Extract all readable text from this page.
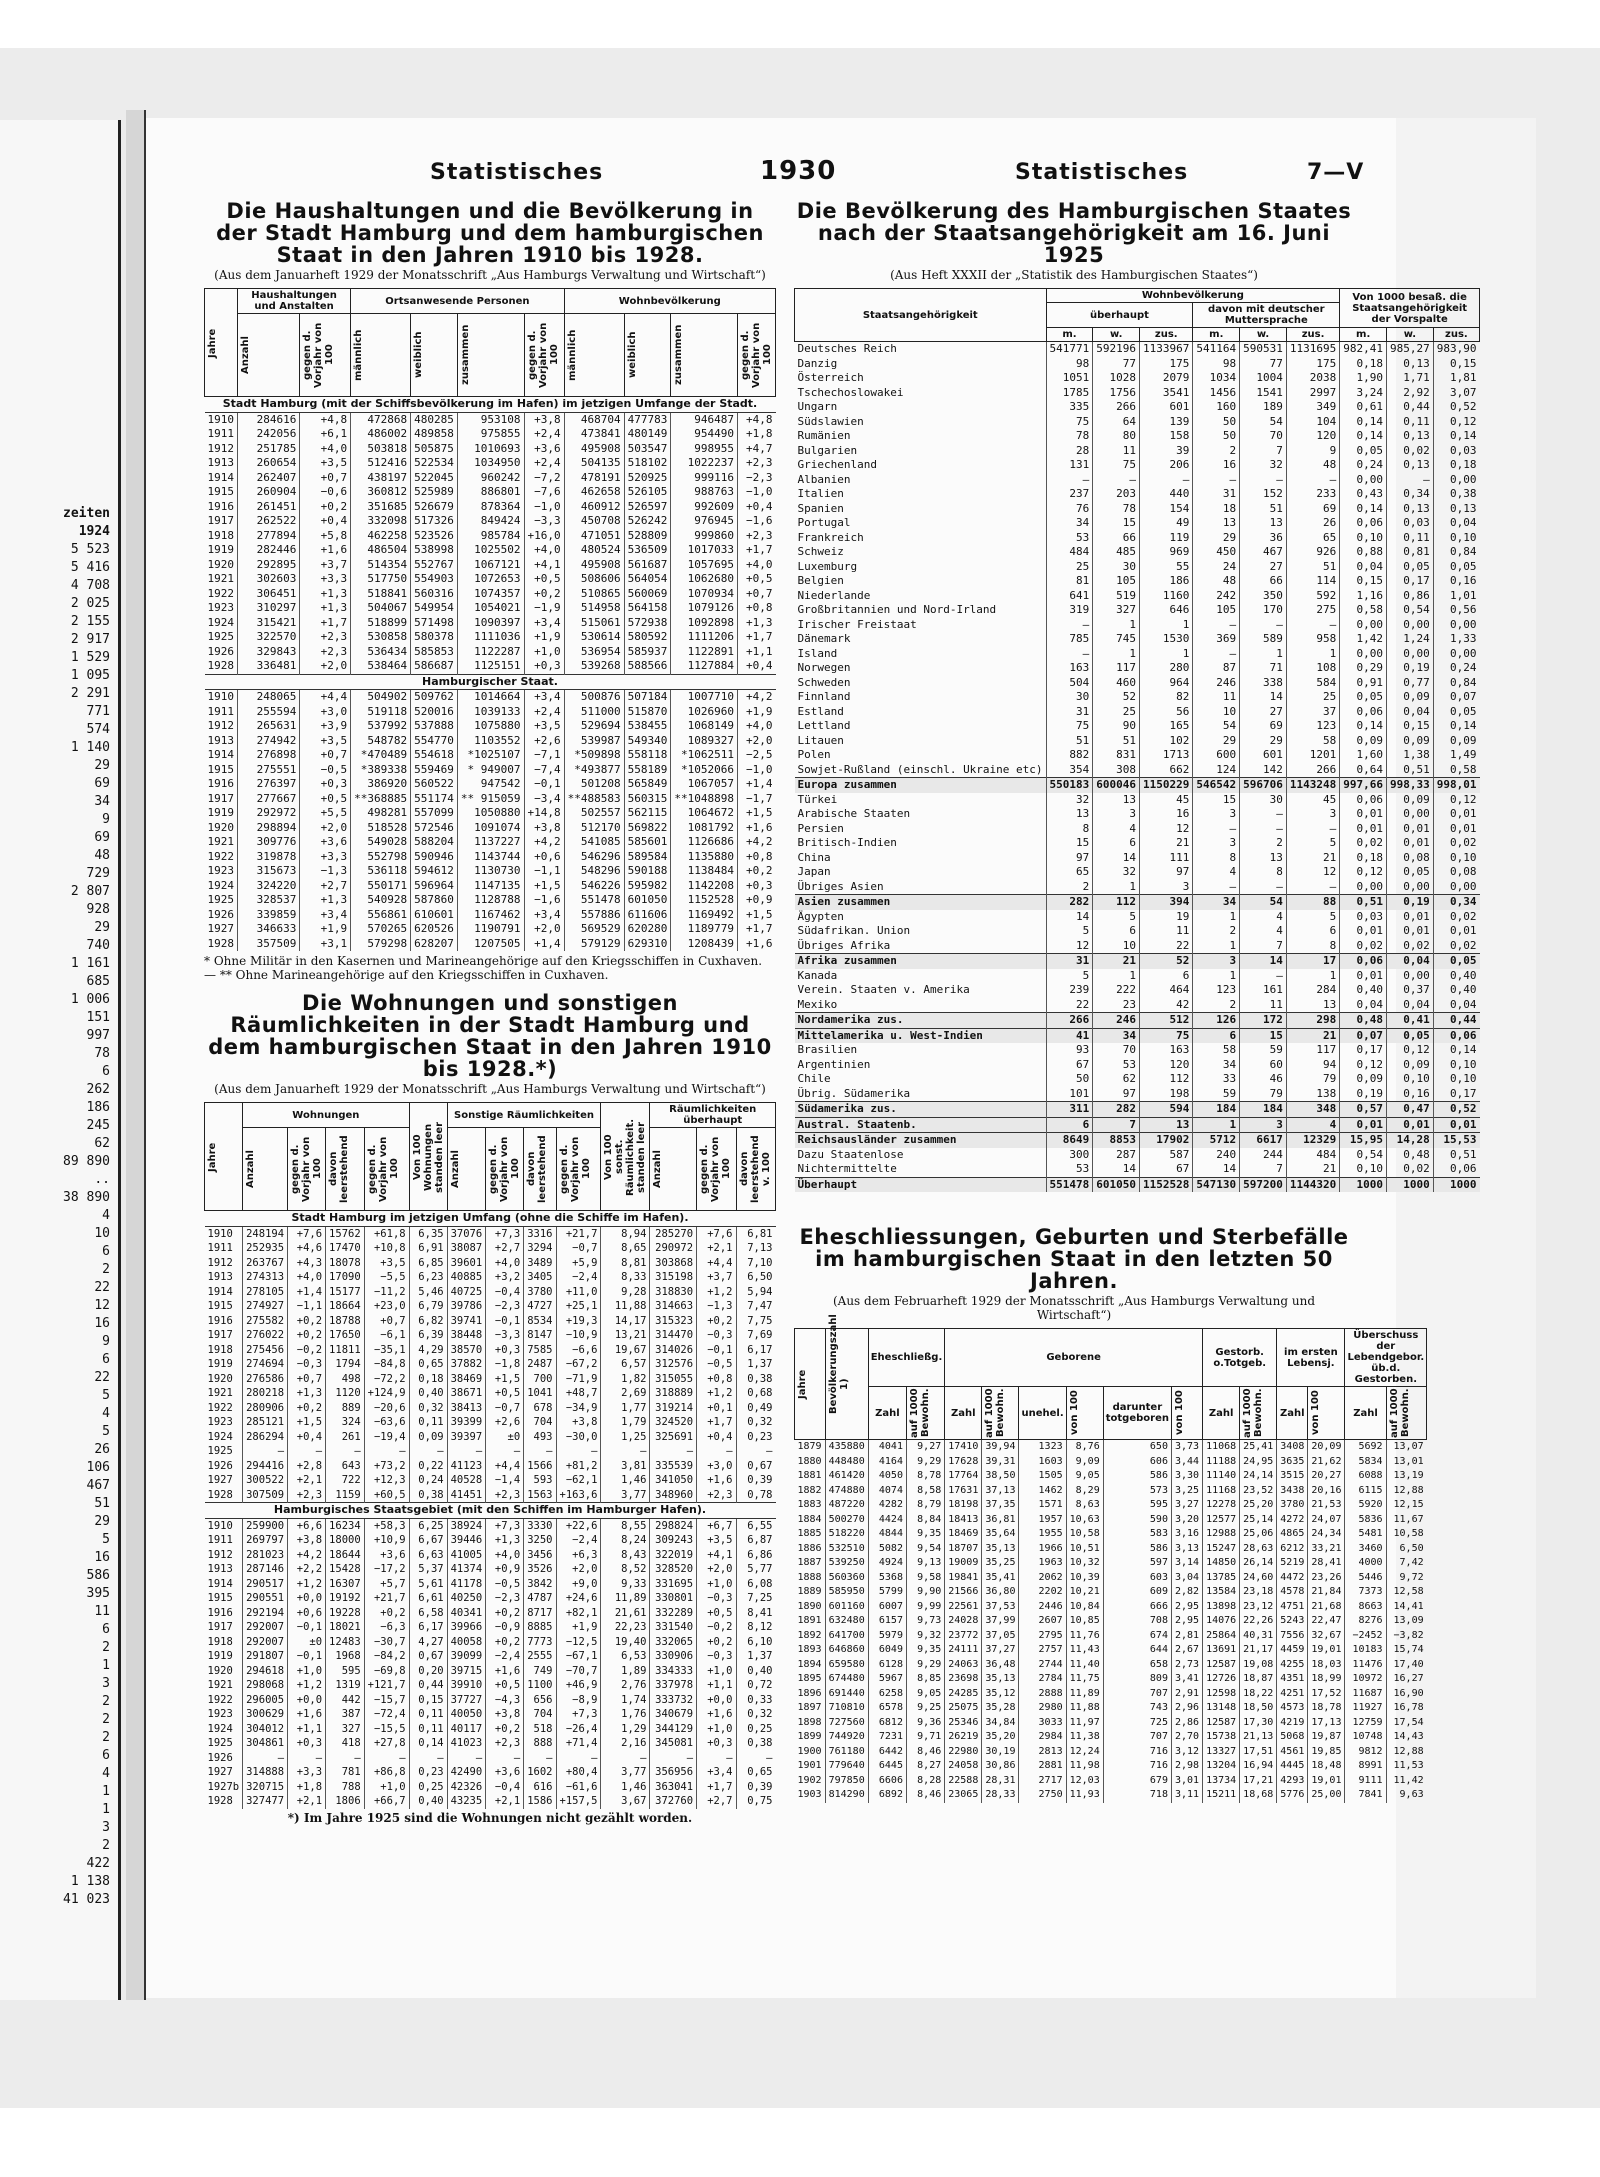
zeiten
1924
5 523
5 416
4 708
2 025
2 155
2 917
1 529
1 095
2 291
771
574
1 140
29
69
34
9
69
48
729
2 807
928
29
740
1 161
685
1 006
151
997
78
6
262
186
245
62
89 890
..
38 890
4
10
6
2
22
12
16
9
6
22
5
4
5
26
106
467
51
29
5
16
586
395
11
6
2
1
3
2
2
2
6
4
1
1
3
2
422
1 138
41 023
Statistisches	1930	Statistisches	7—V
Die Haushaltungen und die Bevölkerung in der Stadt Hamburg und dem hamburgischen Staat in den Jahren 1910 bis 1928.
(Aus dem Januarheft 1929 der Monatsschrift „Aus Hamburgs Verwaltung und Wirtschaft“)
Jahre	Haushaltungen und Anstalten		Ortsanwesende Personen				Wohnbevölkerung			

	Anzahl	gegen d. Vorjahr von 100	männlich	weiblich	zusammen	gegen d. Vorjahr von 100	männlich	weiblich	zusammen	gegen d. Vorjahr von 100

Stadt Hamburg (mit der Schiffsbevölkerung im Hafen) im jetzigen Umfange der Stadt.										
1910	284616	+4,8	472868	480285	953108	+3,8	468704	477783	946487	+4,8
1911	242056	+6,1	486002	489858	975855	+2,4	473841	480149	954490	+1,8
1912	251785	+4,0	503818	505875	1010693	+3,6	495908	503547	998955	+4,7
1913	260654	+3,5	512416	522534	1034950	+2,4	504135	518102	1022237	+2,3
1914	262407	+0,7	438197	522045	960242	−7,2	478191	520925	999116	−2,3
1915	260904	−0,6	360812	525989	886801	−7,6	462658	526105	988763	−1,0
1916	261451	+0,2	351685	526679	878364	−1,0	460912	526597	992609	+0,4
1917	262522	+0,4	332098	517326	849424	−3,3	450708	526242	976945	−1,6
1918	277894	+5,8	462258	523526	985784	+16,0	471051	528809	999860	+2,3
1919	282446	+1,6	486504	538998	1025502	+4,0	480524	536509	1017033	+1,7
1920	292895	+3,7	514354	552767	1067121	+4,1	495908	561687	1057695	+4,0
1921	302603	+3,3	517750	554903	1072653	+0,5	508606	564054	1062680	+0,5
1922	306451	+1,3	518841	560316	1074357	+0,2	510865	560069	1070934	+0,7
1923	310297	+1,3	504067	549954	1054021	−1,9	514958	564158	1079126	+0,8
1924	315421	+1,7	518899	571498	1090397	+3,4	515061	572938	1092898	+1,3
1925	322570	+2,3	530858	580378	1111036	+1,9	530614	580592	1111206	+1,7
1926	329843	+2,3	536434	585853	1122287	+1,0	536954	585937	1122891	+1,1
1928	336481	+2,0	538464	586687	1125151	+0,3	539268	588566	1127884	+0,4
Hamburgischer Staat.										
1910	248065	+4,4	504902	509762	1014664	+3,4	500876	507184	1007710	+4,2
1911	255594	+3,0	519118	520016	1039133	+2,4	511000	515870	1026960	+1,9
1912	265631	+3,9	537992	537888	1075880	+3,5	529694	538455	1068149	+4,0
1913	274942	+3,5	548782	554770	1103552	+2,6	539987	549340	1089327	+2,0
1914	276898	+0,7	*470489	554618	*1025107	−7,1	*509898	558118	*1062511	−2,5
1915	275551	−0,5	*389338	559469	* 949007	−7,4	*493877	558189	*1052066	−1,0
1916	276397	+0,3	386920	560522	947542	−0,1	501208	565849	1067057	+1,4
1917	277667	+0,5	**368885	551174	** 915059	−3,4	**488583	560315	**1048898	−1,7
1919	292972	+5,5	498281	557099	1050880	+14,8	502557	562115	1064672	+1,5
1920	298894	+2,0	518528	572546	1091074	+3,8	512170	569822	1081792	+1,6
1921	309776	+3,6	549028	588204	1137227	+4,2	541085	585601	1126686	+4,2
1922	319878	+3,3	552798	590946	1143744	+0,6	546296	589584	1135880	+0,8
1923	315673	−1,3	536118	594612	1130730	−1,1	548296	590188	1138484	+0,2
1924	324220	+2,7	550171	596964	1147135	+1,5	546226	595982	1142208	+0,3
1925	328537	+1,3	540928	587860	1128788	−1,6	551478	601050	1152528	+0,9
1926	339859	+3,4	556861	610601	1167462	+3,4	557886	611606	1169492	+1,5
1927	346633	+1,9	570265	620526	1190791	+2,0	569529	620280	1189779	+1,7
1928	357509	+3,1	579298	628207	1207505	+1,4	579129	629310	1208439	+1,6
* Ohne Militär in den Kasernen und Marineangehörige auf den Kriegsschiffen in Cuxhaven. — ** Ohne Marineangehörige auf den Kriegsschiffen in Cuxhaven.
Die Wohnungen und sonstigen Räumlichkeiten in der Stadt Hamburg und dem hamburgischen Staat in den Jahren 1910 bis 1928.*)
(Aus dem Januarheft 1929 der Monatsschrift „Aus Hamburgs Verwaltung und Wirtschaft“)
Jahre	Wohnungen				Von 100 Wohnungen standen leer	Sonstige Räumlichkeiten				Von 100 sonst. Räumlichkeit. standen leer	Räumlichkeiten überhaupt		

	Anzahl	gegen d. Vorjahr von 100	davon leerstehend	gegen d. Vorjahr von 100		Anzahl	gegen d. Vorjahr von 100	davon leerstehend	gegen d. Vorjahr von 100		Anzahl	gegen d. Vorjahr von 100	davon leerstehend v. 100

Stadt Hamburg im jetzigen Umfang (ohne die Schiffe im Hafen).													
1910	248194	+7,6	15762	+61,8	6,35	37076	+7,3	3316	+21,7	8,94	285270	+7,6	6,81
1911	252935	+4,6	17470	+10,8	6,91	38087	+2,7	3294	−0,7	8,65	290972	+2,1	7,13
1912	263767	+4,3	18078	+3,5	6,85	39601	+4,0	3489	+5,9	8,81	303868	+4,4	7,10
1913	274313	+4,0	17090	−5,5	6,23	40885	+3,2	3405	−2,4	8,33	315198	+3,7	6,50
1914	278105	+1,4	15177	−11,2	5,46	40725	−0,4	3780	+11,0	9,28	318830	+1,2	5,94
1915	274927	−1,1	18664	+23,0	6,79	39786	−2,3	4727	+25,1	11,88	314663	−1,3	7,47
1916	275582	+0,2	18788	+0,7	6,82	39741	−0,1	8534	+19,3	14,17	315323	+0,2	7,75
1917	276022	+0,2	17650	−6,1	6,39	38448	−3,3	8147	−10,9	13,21	314470	−0,3	7,69
1918	275456	−0,2	11811	−35,1	4,29	38570	+0,3	7585	−6,6	19,67	314026	−0,1	6,17
1919	274694	−0,3	1794	−84,8	0,65	37882	−1,8	2487	−67,2	6,57	312576	−0,5	1,37
1920	276586	+0,7	498	−72,2	0,18	38469	+1,5	700	−71,9	1,82	315055	+0,8	0,38
1921	280218	+1,3	1120	+124,9	0,40	38671	+0,5	1041	+48,7	2,69	318889	+1,2	0,68
1922	280906	+0,2	889	−20,6	0,32	38413	−0,7	678	−34,9	1,77	319214	+0,1	0,49
1923	285121	+1,5	324	−63,6	0,11	39399	+2,6	704	+3,8	1,79	324520	+1,7	0,32
1924	286294	+0,4	261	−19,4	0,09	39397	±0	493	−30,0	1,25	325691	+0,4	0,23
1925	—	—	—	—	—	—	—	—	—	—	—	—	—
1926	294416	+2,8	643	+73,2	0,22	41123	+4,4	1566	+81,2	3,81	335539	+3,0	0,67
1927	300522	+2,1	722	+12,3	0,24	40528	−1,4	593	−62,1	1,46	341050	+1,6	0,39
1928	307509	+2,3	1159	+60,5	0,38	41451	+2,3	1563	+163,6	3,77	348960	+2,3	0,78
Hamburgisches Staatsgebiet (mit den Schiffen im Hamburger Hafen).													
1910	259900	+6,6	16234	+58,3	6,25	38924	+7,3	3330	+22,6	8,55	298824	+6,7	6,55
1911	269797	+3,8	18000	+10,9	6,67	39446	+1,3	3250	−2,4	8,24	309243	+3,5	6,87
1912	281023	+4,2	18644	+3,6	6,63	41005	+4,0	3456	+6,3	8,43	322019	+4,1	6,86
1913	287146	+2,2	15428	−17,2	5,37	41374	+0,9	3526	+2,0	8,52	328520	+2,0	5,77
1914	290517	+1,2	16307	+5,7	5,61	41178	−0,5	3842	+9,0	9,33	331695	+1,0	6,08
1915	290551	+0,0	19192	+21,7	6,61	40250	−2,3	4787	+24,6	11,89	330801	−0,3	7,25
1916	292194	+0,6	19228	+0,2	6,58	40341	+0,2	8717	+82,1	21,61	332289	+0,5	8,41
1917	292007	−0,1	18021	−6,3	6,17	39966	−0,9	8885	+1,9	22,23	331540	−0,2	8,12
1918	292007	±0	12483	−30,7	4,27	40058	+0,2	7773	−12,5	19,40	332065	+0,2	6,10
1919	291807	−0,1	1968	−84,2	0,67	39099	−2,4	2555	−67,1	6,53	330906	−0,3	1,37
1920	294618	+1,0	595	−69,8	0,20	39715	+1,6	749	−70,7	1,89	334333	+1,0	0,40
1921	298068	+1,2	1319	+121,7	0,44	39910	+0,5	1100	+46,9	2,76	337978	+1,1	0,72
1922	296005	+0,0	442	−15,7	0,15	37727	−4,3	656	−8,9	1,74	333732	+0,0	0,33
1923	300629	+1,6	387	−72,4	0,11	40050	+3,8	704	+7,3	1,76	340679	+1,6	0,32
1924	304012	+1,1	327	−15,5	0,11	40117	+0,2	518	−26,4	1,29	344129	+1,0	0,25
1925	304861	+0,3	418	+27,8	0,14	41023	+2,3	888	+71,4	2,16	345081	+0,3	0,38
1926	—	—	—	—	—	—	—	—	—	—	—	—	—
1927	314888	+3,3	781	+86,8	0,23	42490	+3,6	1602	+80,4	3,77	356956	+3,4	0,65
1927b	320715	+1,8	788	+1,0	0,25	42326	−0,4	616	−61,6	1,46	363041	+1,7	0,39
1928	327477	+2,1	1806	+66,7	0,40	43235	+2,1	1586	+157,5	3,67	372760	+2,7	0,75
*) Im Jahre 1925 sind die Wohnungen nicht gezählt worden.
Die Bevölkerung des Hamburgischen Staates nach der Staatsangehörigkeit am 16. Juni 1925
(Aus Heft XXXII der „Statistik des Hamburgischen Staates“)
Staatsangehörigkeit	Wohnbevölkerung						Von 1000 besaß. die Staatsangehörigkeit der Vorspalte		
	überhaupt			davon mit deutscher Muttersprache					
	m.	w.	zus.	m.	w.	zus.	m.	w.	zus.
Deutsches Reich	541771	592196	1133967	541164	590531	1131695	982,41	985,27	983,90
Danzig	98	77	175	98	77	175	0,18	0,13	0,15
Österreich	1051	1028	2079	1034	1004	2038	1,90	1,71	1,81
Tschechoslowakei	1785	1756	3541	1456	1541	2997	3,24	2,92	3,07
Ungarn	335	266	601	160	189	349	0,61	0,44	0,52
Südslawien	75	64	139	50	54	104	0,14	0,11	0,12
Rumänien	78	80	158	50	70	120	0,14	0,13	0,14
Bulgarien	28	11	39	2	7	9	0,05	0,02	0,03
Griechenland	131	75	206	16	32	48	0,24	0,13	0,18
Albanien	—	—	—	—	—	—	0,00	—	0,00
Italien	237	203	440	31	152	233	0,43	0,34	0,38
Spanien	76	78	154	18	51	69	0,14	0,13	0,13
Portugal	34	15	49	13	13	26	0,06	0,03	0,04
Frankreich	53	66	119	29	36	65	0,10	0,11	0,10
Schweiz	484	485	969	450	467	926	0,88	0,81	0,84
Luxemburg	25	30	55	24	27	51	0,04	0,05	0,05
Belgien	81	105	186	48	66	114	0,15	0,17	0,16
Niederlande	641	519	1160	242	350	592	1,16	0,86	1,01
Großbritannien und Nord-Irland	319	327	646	105	170	275	0,58	0,54	0,56
Irischer Freistaat	—	1	1	—	—	—	0,00	0,00	0,00
Dänemark	785	745	1530	369	589	958	1,42	1,24	1,33
Island	—	1	1	—	1	1	0,00	0,00	0,00
Norwegen	163	117	280	87	71	108	0,29	0,19	0,24
Schweden	504	460	964	246	338	584	0,91	0,77	0,84
Finnland	30	52	82	11	14	25	0,05	0,09	0,07
Estland	31	25	56	10	27	37	0,06	0,04	0,05
Lettland	75	90	165	54	69	123	0,14	0,15	0,14
Litauen	51	51	102	29	29	58	0,09	0,09	0,09
Polen	882	831	1713	600	601	1201	1,60	1,38	1,49
Sowjet-Rußland (einschl. Ukraine etc)	354	308	662	124	142	266	0,64	0,51	0,58
Europa zusammen	550183	600046	1150229	546542	596706	1143248	997,66	998,33	998,01
Türkei	32	13	45	15	30	45	0,06	0,09	0,12
Arabische Staaten	13	3	16	3	—	3	0,01	0,00	0,01
Persien	8	4	12	—	—	—	0,01	0,01	0,01
Britisch-Indien	15	6	21	3	2	5	0,02	0,01	0,02
China	97	14	111	8	13	21	0,18	0,08	0,10
Japan	65	32	97	4	8	12	0,12	0,05	0,08
Übriges Asien	2	1	3	—	—	—	0,00	0,00	0,00
Asien zusammen	282	112	394	34	54	88	0,51	0,19	0,34
Ägypten	14	5	19	1	4	5	0,03	0,01	0,02
Südafrikan. Union	5	6	11	2	4	6	0,01	0,01	0,01
Übriges Afrika	12	10	22	1	7	8	0,02	0,02	0,02
Afrika zusammen	31	21	52	3	14	17	0,06	0,04	0,05
Kanada	5	1	6	1	—	1	0,01	0,00	0,40
Verein. Staaten v. Amerika	239	222	464	123	161	284	0,40	0,37	0,40
Mexiko	22	23	42	2	11	13	0,04	0,04	0,04
Nordamerika zus.	266	246	512	126	172	298	0,48	0,41	0,44
Mittelamerika u. West-Indien	41	34	75	6	15	21	0,07	0,05	0,06
Brasilien	93	70	163	58	59	117	0,17	0,12	0,14
Argentinien	67	53	120	34	60	94	0,12	0,09	0,10
Chile	50	62	112	33	46	79	0,09	0,10	0,10
Übrig. Südamerika	101	97	198	59	79	138	0,19	0,16	0,17
Südamerika zus.	311	282	594	184	184	348	0,57	0,47	0,52
Austral. Staatenb.	6	7	13	1	3	4	0,01	0,01	0,01
Reichsausländer zusammen	8649	8853	17902	5712	6617	12329	15,95	14,28	15,53
Dazu Staatenlose	300	287	587	240	244	484	0,54	0,48	0,51
Nichtermittelte	53	14	67	14	7	21	0,10	0,02	0,06
Überhaupt	551478	601050	1152528	547130	597200	1144320	1000	1000	1000
Eheschliessungen, Geburten und Sterbefälle im hamburgischen Staat in den letzten 50 Jahren.
(Aus dem Februarheft 1929 der Monatsschrift „Aus Hamburgs Verwaltung und Wirtschaft“)
Jahre	Bevölkerungszahl 1)	Eheschließg.		Geborene						Gestorb. o.Totgeb.		im ersten Lebensj.		Überschuss der Lebendgebor. üb.d. Gestorben.	
		Zahl	auf 1000 Bewohn.	Zahl	auf 1000 Bewohn.	unehel.	von 100	darunter totgeboren	von 100	Zahl	auf 1000 Bewohn.	Zahl	von 100	Zahl	auf 1000 Bewohn.

1879	435880	4041	9,27	17410	39,94	1323	8,76	650	3,73	11068	25,41	3408	20,09	5692	13,07
1880	448480	4164	9,29	17628	39,31	1603	9,09	606	3,44	11188	24,95	3635	21,62	5834	13,01
1881	461420	4050	8,78	17764	38,50	1505	9,05	586	3,30	11140	24,14	3515	20,27	6088	13,19
1882	474880	4074	8,58	17631	37,13	1462	8,29	573	3,25	11168	23,52	3438	20,16	6115	12,88
1883	487220	4282	8,79	18198	37,35	1571	8,63	595	3,27	12278	25,20	3780	21,53	5920	12,15
1884	500270	4424	8,84	18413	36,81	1957	10,63	590	3,20	12577	25,14	4272	24,07	5836	11,67
1885	518220	4844	9,35	18469	35,64	1955	10,58	583	3,16	12988	25,06	4865	24,34	5481	10,58
1886	532510	5082	9,54	18707	35,13	1966	10,51	586	3,13	15247	28,63	6212	33,21	3460	6,50
1887	539250	4924	9,13	19009	35,25	1963	10,32	597	3,14	14850	26,14	5219	28,41	4000	7,42
1888	560360	5368	9,58	19841	35,41	2062	10,39	603	3,04	13785	24,60	4472	23,26	5446	9,72
1889	585950	5799	9,90	21566	36,80	2202	10,21	609	2,82	13584	23,18	4578	21,84	7373	12,58
1890	601160	6007	9,99	22561	37,53	2446	10,84	666	2,95	13898	23,12	4751	21,68	8663	14,41
1891	632480	6157	9,73	24028	37,99	2607	10,85	708	2,95	14076	22,26	5243	22,47	8276	13,09
1892	641700	5979	9,32	23772	37,05	2795	11,76	674	2,81	25864	40,31	7556	32,67	−2452	−3,82
1893	646860	6049	9,35	24111	37,27	2757	11,43	644	2,67	13691	21,17	4459	19,01	10183	15,74
1894	659580	6128	9,29	24063	36,48	2744	11,40	658	2,73	12587	19,08	4255	18,03	11476	17,40
1895	674480	5967	8,85	23698	35,13	2784	11,75	809	3,41	12726	18,87	4351	18,99	10972	16,27
1896	691440	6258	9,05	24285	35,12	2888	11,89	707	2,91	12598	18,22	4251	17,52	11687	16,90
1897	710810	6578	9,25	25075	35,28	2980	11,88	743	2,96	13148	18,50	4573	18,78	11927	16,78
1898	727560	6812	9,36	25346	34,84	3033	11,97	725	2,86	12587	17,30	4219	17,13	12759	17,54
1899	744920	7231	9,71	26219	35,20	2984	11,38	707	2,70	15738	21,13	5068	19,87	10748	14,43
1900	761180	6442	8,46	22980	30,19	2813	12,24	716	3,12	13327	17,51	4561	19,85	9812	12,88
1901	779640	6445	8,27	24058	30,86	2881	11,98	716	2,98	13204	16,94	4445	18,48	8991	11,53
1902	797850	6606	8,28	22588	28,31	2717	12,03	679	3,01	13734	17,21	4293	19,01	9111	11,42
1903	814290	6892	8,46	23065	28,33	2750	11,93	718	3,11	15211	18,68	5776	25,00	7841	9,63
